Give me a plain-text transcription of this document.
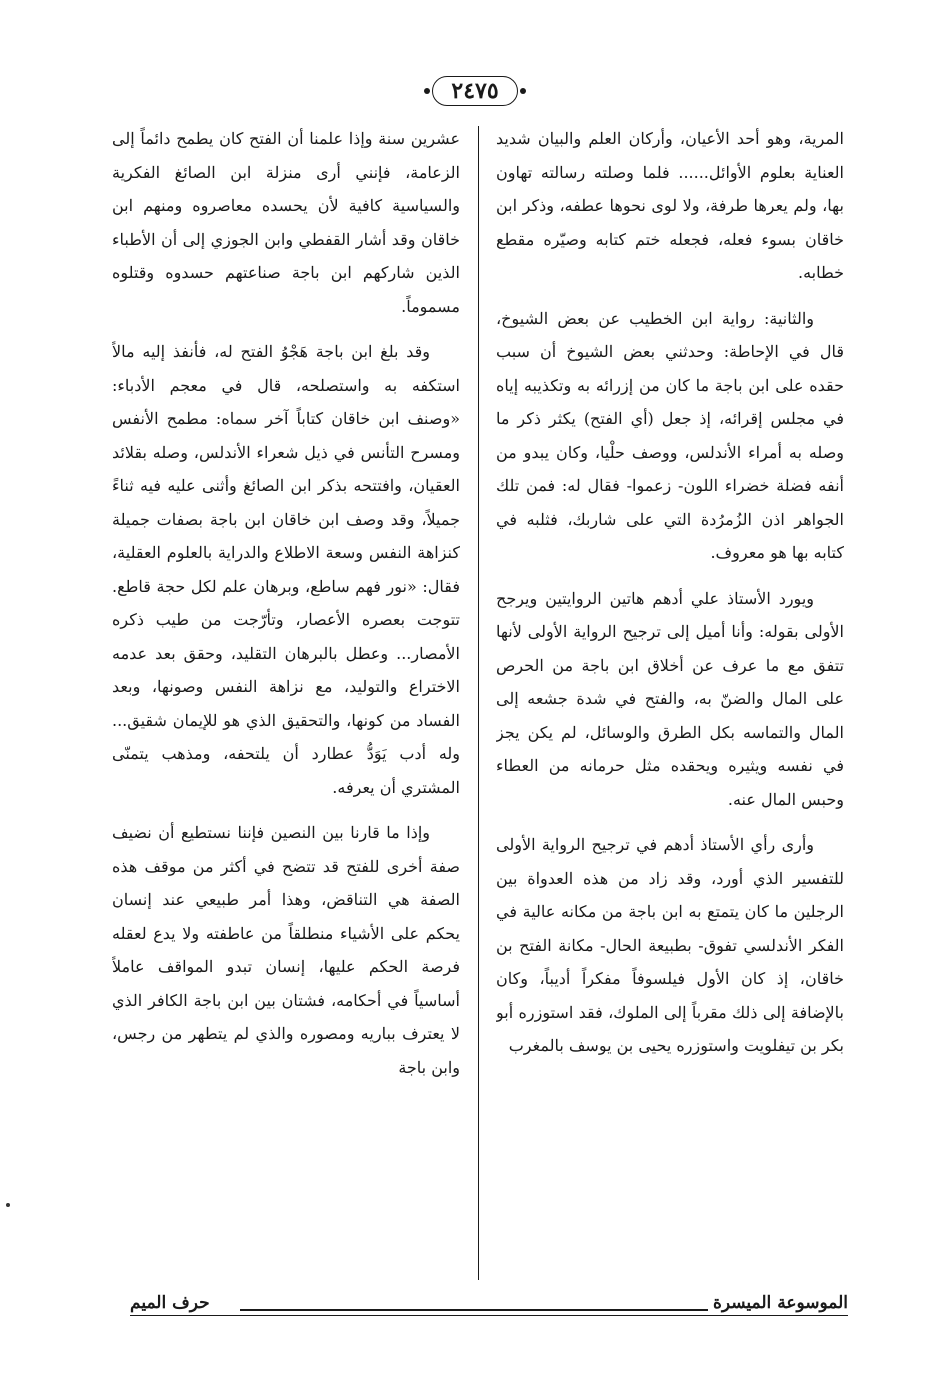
٢٤٧٥

المرية، وهو أحد الأعيان، وأركان العلم والبيان شديد العناية بعلوم الأوائل...... فلما وصلته رسالته تهاون بها، ولم يعرها طرفة، ولا لوى نحوها عطفه، وذكر ابن خاقان بسوء فعله، فجعله ختم كتابه وصيّره مقطع خطابه.

والثانية: رواية ابن الخطيب عن بعض الشيوخ، قال في الإحاطة: وحدثني بعض الشيوخ أن سبب حقده على ابن باجة ما كان من إزرائه به وتكذيبه إياه في مجلس إقرائه، إذ جعل (أي الفتح) يكثر ذكر ما وصله به أمراء الأندلس، ووصف حلْيا، وكان يبدو من أنفه فضلة خضراء اللون- زعموا- فقال له: فمن تلك الجواهر اذن الزُمرُدة التي على شاربك، فثلبه في كتابه بها هو معروف.

ويورد الأستاذ علي أدهم هاتين الروايتين ويرجح الأولى بقوله: وأنا أميل إلى ترجيح الرواية الأولى لأنها تتفق مع ما عرف عن أخلاق ابن باجة من الحرص على المال والضنّ به، والفتح في شدة جشعه إلى المال والتماسه بكل الطرق والوسائل، لم يكن يجز في نفسه ويثيره ويحقده مثل حرمانه من العطاء وحبس المال عنه.

وأرى رأي الأستاذ أدهم في ترجيح الرواية الأولى للتفسير الذي أورد، وقد زاد من هذه العدواة بين الرجلين ما كان يتمتع به ابن باجة من مكانه عالية في الفكر الأندلسي تفوق- بطبيعة الحال- مكانة الفتح بن خاقان، إذ كان الأول فيلسوفاً مفكراً أديباً، وكان بالإضافة إلى ذلك مقرباً إلى الملوك، فقد استوزره أبو بكر بن تيفلويت واستوزره يحيى بن يوسف بالمغرب

عشرين سنة وإذا علمنا أن الفتح كان يطمح دائماً إلى الزعامة، فإنني أرى منزلة ابن الصائغ الفكرية والسياسية كافية لأن يحسده معاصروه ومنهم ابن خاقان وقد أشار القفطي وابن الجوزي إلى أن الأطباء الذين شاركهم ابن باجة صناعتهم حسدوه وقتلوه مسموماً.

وقد بلغ ابن باجة هَجْوُ الفتح له، فأنفذ إليه مالاً استكفه به واستصلحه، قال في معجم الأدباء: «وصنف ابن خاقان كتاباً آخر سماه: مطمح الأنفس ومسرح التأنس في ذيل شعراء الأندلس، وصله بقلائد العقيان، وافتتحه بذكر ابن الصائغ وأثنى عليه فيه ثناءً جميلاً، وقد وصف ابن خاقان ابن باجة بصفات جميلة كنزاهة النفس وسعة الاطلاع والدراية بالعلوم العقلية، فقال: «نور فهم ساطع، وبرهان علم لكل حجة قاطع. تتوجت بعصره الأعصار، وتأرّجت من طيب ذكره الأمصار... وعطل بالبرهان التقليد، وحقق بعد عدمه الاختراع والتوليد، مع نزاهة النفس وصونها، وبعد الفساد من كونها، والتحقيق الذي هو للإيمان شقيق... وله أدب يَوَدُّ عطارد أن يلتحفه، ومذهب يتمنّى المشتري أن يعرفه.

وإذا ما قارنا بين النصين فإننا نستطيع أن نضيف صفة أخرى للفتح قد تتضح في أكثر من موقف هذه الصفة هي التناقض، وهذا أمر طبيعي عند إنسان يحكم على الأشياء منطلقاً من عاطفته ولا يدع لعقله فرصة الحكم عليها، إنسان تبدو المواقف عاملاً أساسياً في أحكامه، فشتان بين ابن باجة الكافر الذي لا يعترف بباريه ومصوره والذي لم يتطهر من رجس، وابن باجة

الموسوعة الميسرة
حرف الميم
